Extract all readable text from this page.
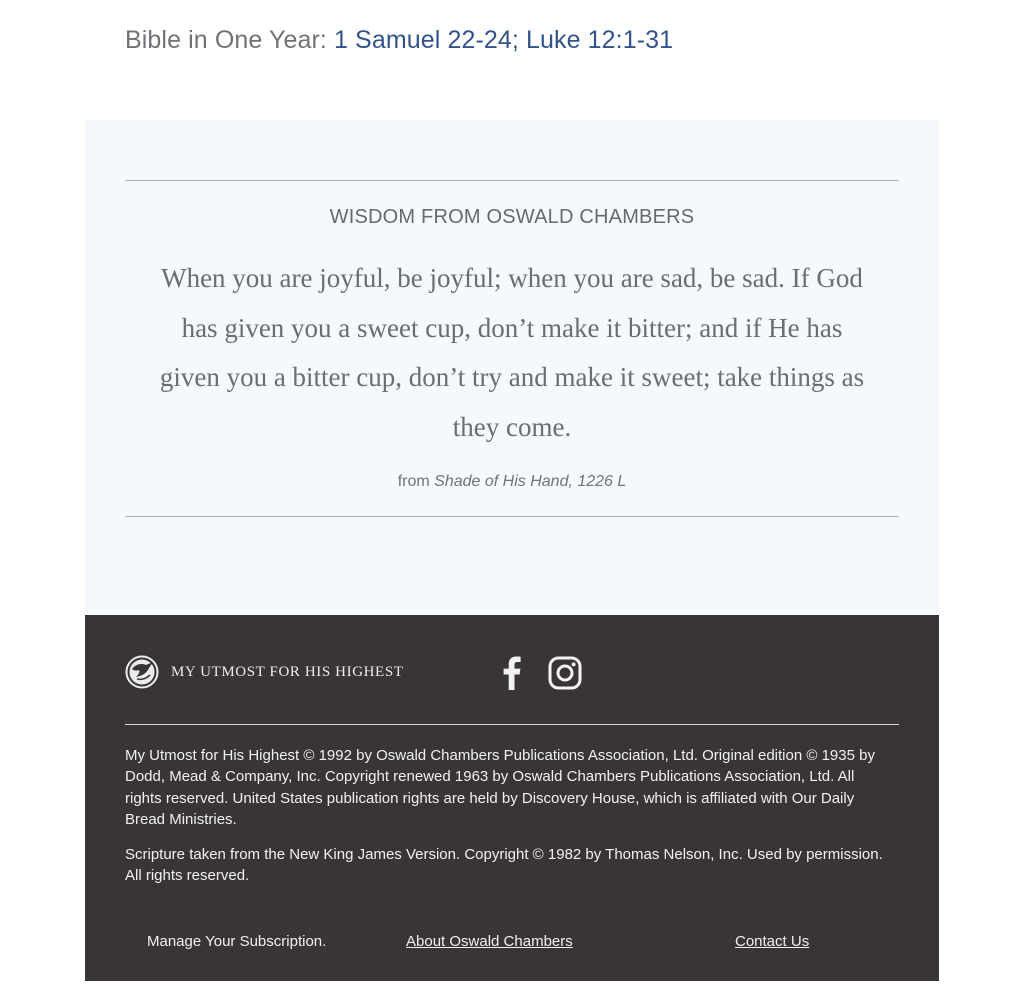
Bible in One Year: 1 Samuel 22-24; Luke 12:1-31
WISDOM FROM OSWALD CHAMBERS
When you are joyful, be joyful; when you are sad, be sad. If God has given you a sweet cup, don’t make it bitter; and if He has given you a bitter cup, don’t try and make it sweet; take things as they come.
from Shade of His Hand, 1226 L
MY UTMOST FOR HIS HIGHEST
My Utmost for His Highest © 1992 by Oswald Chambers Publications Association, Ltd. Original edition © 1935 by Dodd, Mead & Company, Inc. Copyright renewed 1963 by Oswald Chambers Publications Association, Ltd. All rights reserved. United States publication rights are held by Discovery House, which is affiliated with Our Daily Bread Ministries.
Scripture taken from the New King James Version. Copyright © 1982 by Thomas Nelson, Inc. Used by permission. All rights reserved.
Manage Your Subscription.	About Oswald Chambers	Contact Us
